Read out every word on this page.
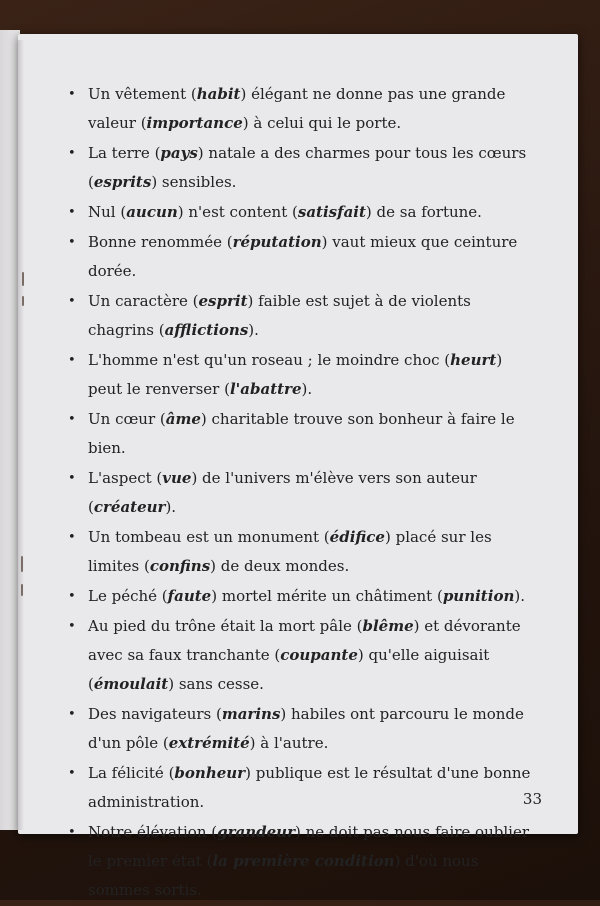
• Un vêtement (habit) élégant ne donne pas une grande valeur (importance) à celui qui le porte.
• La terre (pays) natale a des charmes pour tous les cœurs (esprits) sensibles.
• Nul (aucun) n'est content (satisfait) de sa fortune.
• Bonne renommée (réputation) vaut mieux que ceinture dorée.
• Un caractère (esprit) faible est sujet à de violents chagrins (afflictions).
• L'homme n'est qu'un roseau ; le moindre choc (heurt) peut le renverser (l'abattre).
• Un cœur (âme) charitable trouve son bonheur à faire le bien.
• L'aspect (vue) de l'univers m'élève vers son auteur (créateur).
• Un tombeau est un monument (édifice) placé sur les limites (confins) de deux mondes.
• Le péché (faute) mortel mérite un châtiment (punition).
• Au pied du trône était la mort pâle (blême) et dévorante avec sa faux tranchante (coupante) qu'elle aiguisait (émoulait) sans cesse.
• Des navigateurs (marins) habiles ont parcouru le monde d'un pôle (extrémité) à l'autre.
• La félicité (bonheur) publique est le résultat d'une bonne administration.
• Notre élévation (grandeur) ne doit pas nous faire oublier le premier état (la première condition) d'où nous sommes sortis.
33
